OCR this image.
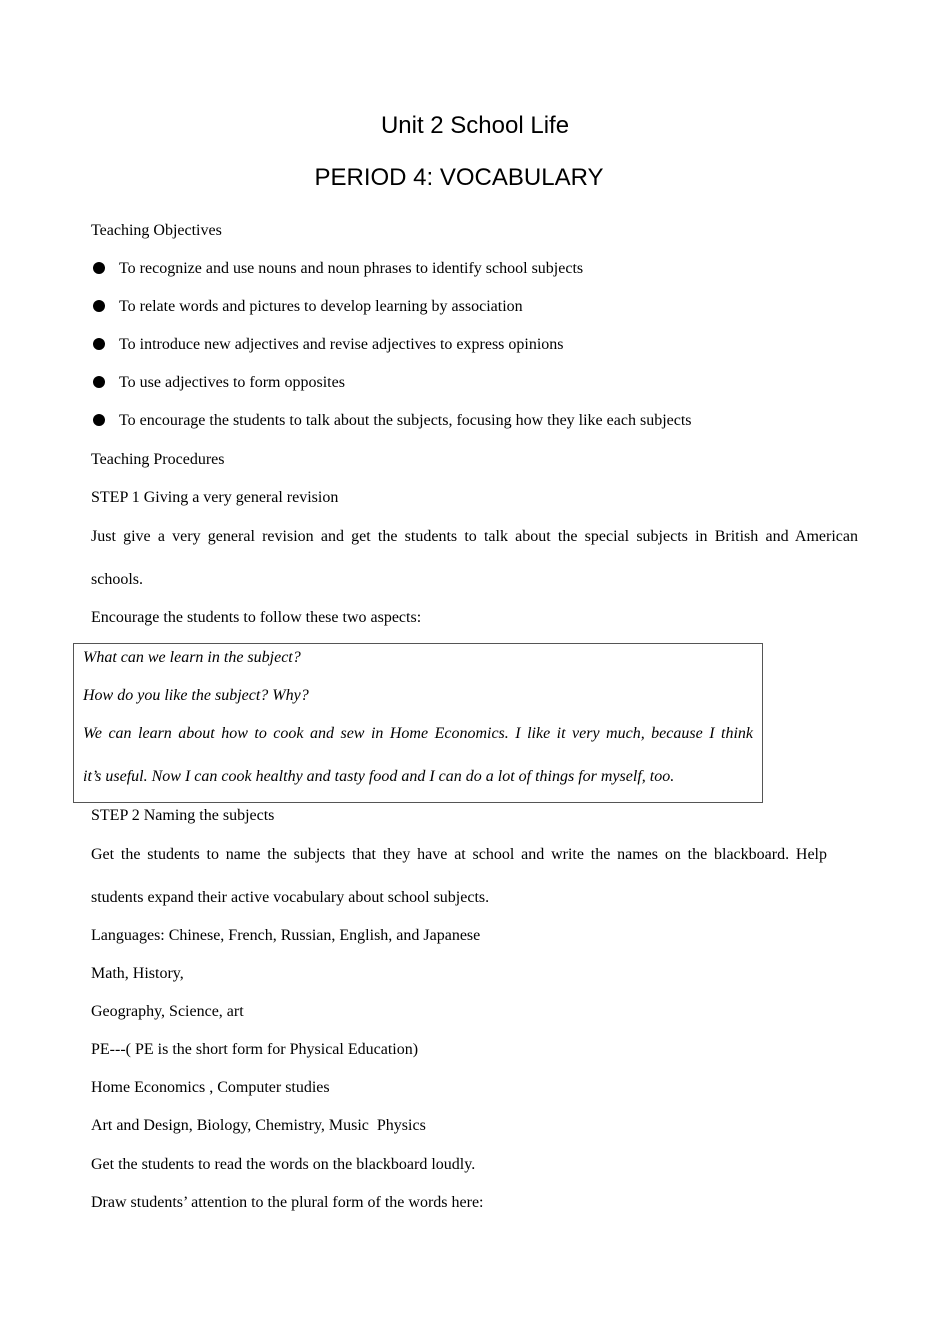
Unit 2 School Life
PERIOD 4: VOCABULARY
Teaching Objectives
To recognize and use nouns and noun phrases to identify school subjects
To relate words and pictures to develop learning by association
To introduce new adjectives and revise adjectives to express opinions
To use adjectives to form opposites
To encourage the students to talk about the subjects, focusing how they like each subjects
Teaching Procedures
STEP 1 Giving a very general revision
Just give a very general revision and get the students to talk about the special subjects in British and American
schools.
Encourage the students to follow these two aspects:
What can we learn in the subject?
How do you like the subject? Why?
We can learn about how to cook and sew in Home Economics. I like it very much, because I think
it’s useful. Now I can cook healthy and tasty food and I can do a lot of things for myself, too.
STEP 2 Naming the subjects
Get the students to name the subjects that they have at school and write the names on the blackboard. Help
students expand their active vocabulary about school subjects.
Languages: Chinese, French, Russian, English, and Japanese
Math, History,
Geography, Science, art
PE---( PE is the short form for Physical Education)
Home Economics , Computer studies
Art and Design, Biology, Chemistry, Music  Physics
Get the students to read the words on the blackboard loudly.
Draw students’ attention to the plural form of the words here:
